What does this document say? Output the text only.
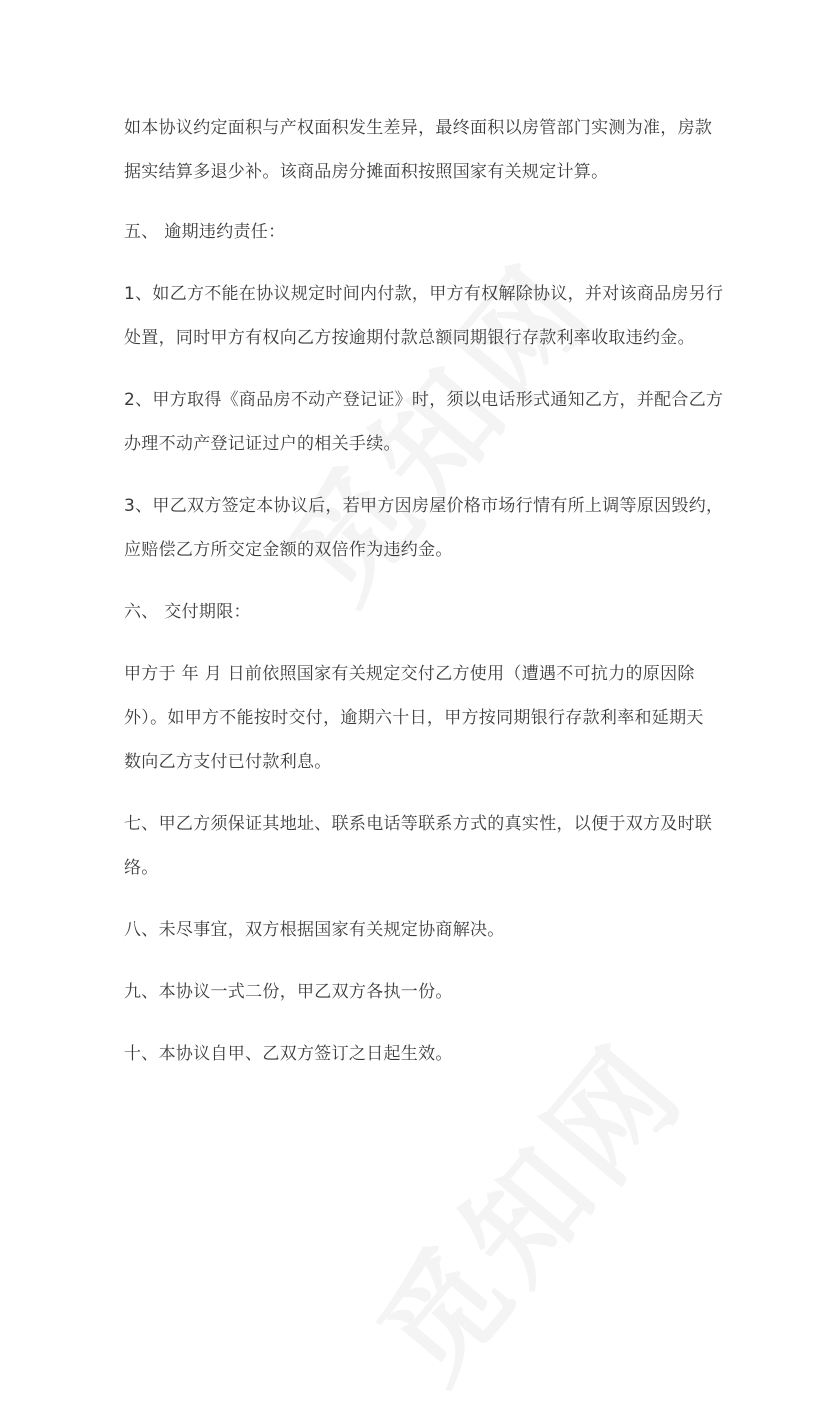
如本协议约定面积与产权面积发生差异，最终面积以房管部门实测为准，房款
据实结算多退少补。该商品房分摊面积按照国家有关规定计算。
五、 逾期违约责任：
1、如乙方不能在协议规定时间内付款，甲方有权解除协议，并对该商品房另行
处置，同时甲方有权向乙方按逾期付款总额同期银行存款利率收取违约金。
2、甲方取得《商品房不动产登记证》时，须以电话形式通知乙方，并配合乙方
办理不动产登记证过户的相关手续。
3、甲乙双方签定本协议后，若甲方因房屋价格市场行情有所上调等原因毁约，
应赔偿乙方所交定金额的双倍作为违约金。
六、 交付期限：
甲方于 年 月 日前依照国家有关规定交付乙方使用（遭遇不可抗力的原因除
外）。如甲方不能按时交付，逾期六十日，甲方按同期银行存款利率和延期天
数向乙方支付已付款利息。
七、甲乙方须保证其地址、联系电话等联系方式的真实性，以便于双方及时联
络。
八、未尽事宜，双方根据国家有关规定协商解决。
九、本协议一式二份，甲乙双方各执一份。
十、本协议自甲、乙双方签订之日起生效。
